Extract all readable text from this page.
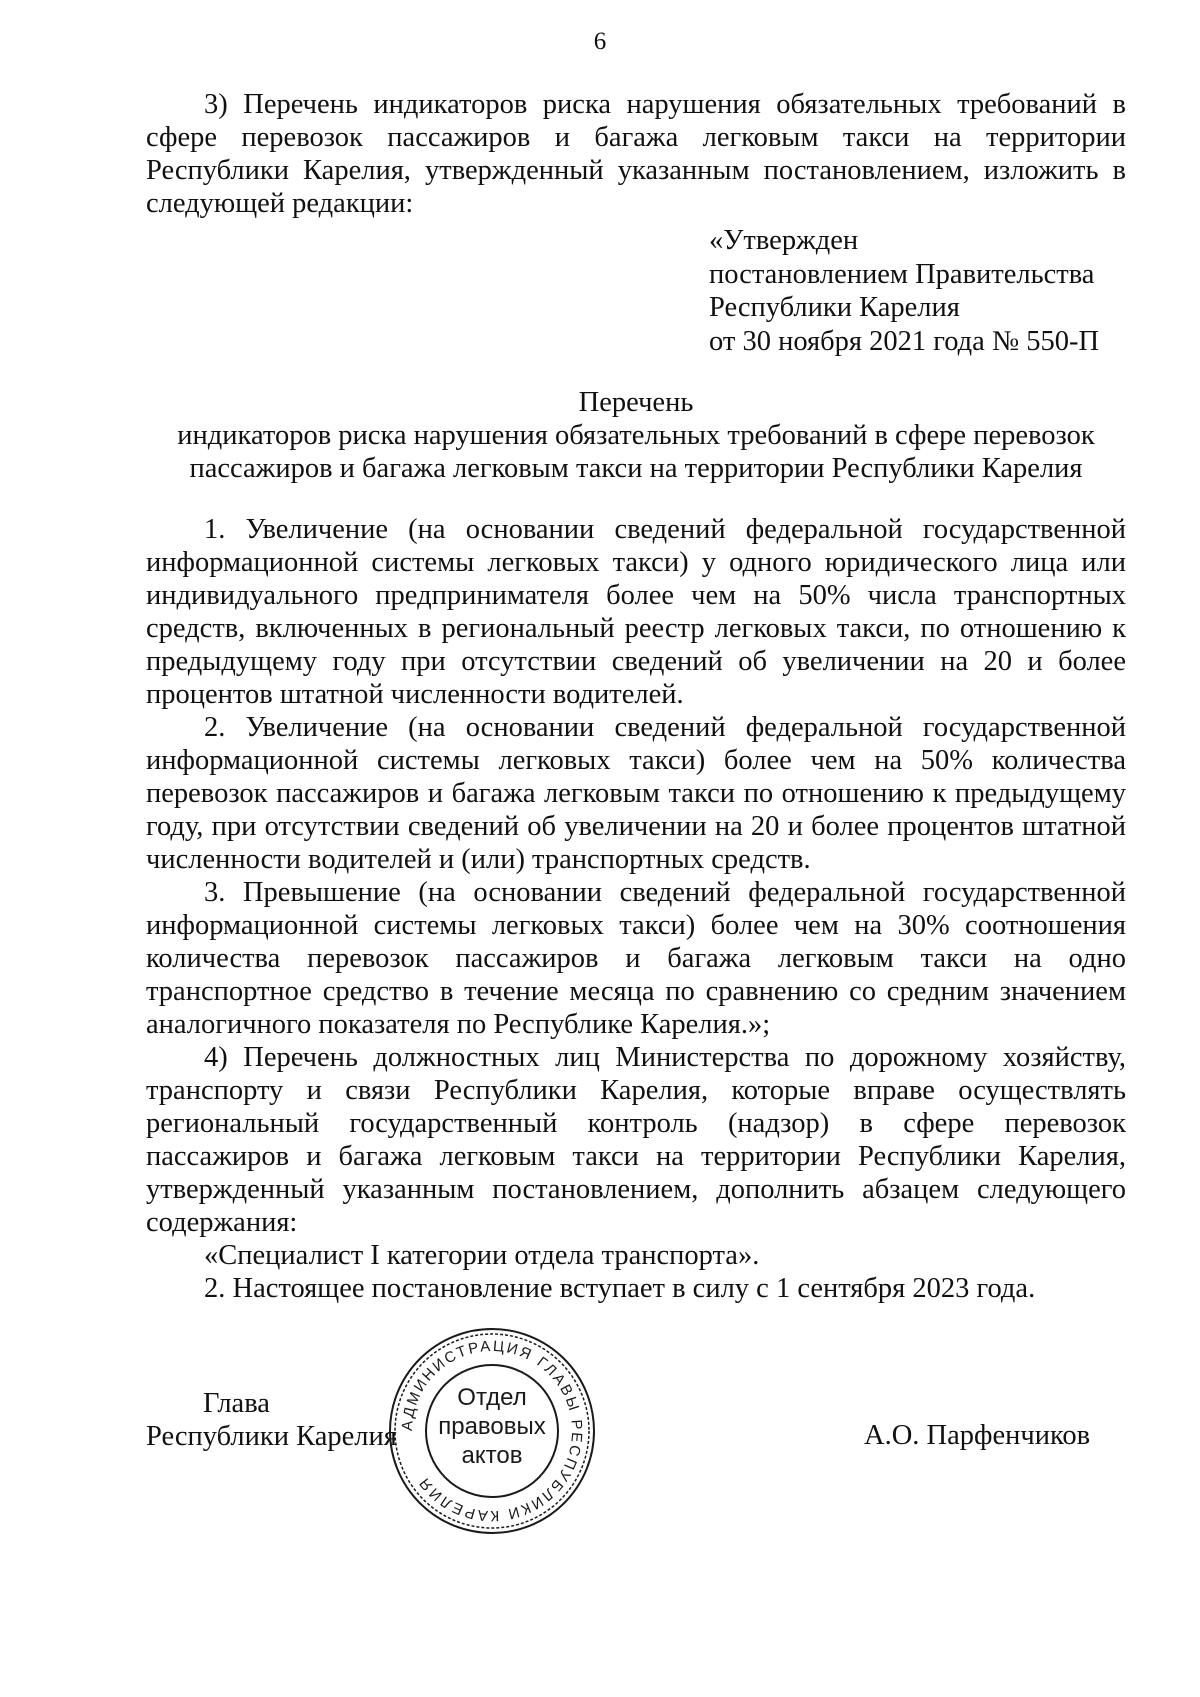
6

3) Перечень индикаторов риска нарушения обязательных требований в сфере перевозок пассажиров и багажа легковым такси на территории Республики Карелия, утвержденный указанным постановлением, изложить в следующей редакции:

«Утвержден
постановлением Правительства
Республики Карелия
от 30 ноября 2021 года № 550-П
Перечень
индикаторов риска нарушения обязательных требований в сфере перевозок
пассажиров и багажа легковым такси на территории Республики Карелия

1. Увеличение (на основании сведений федеральной государственной информационной системы легковых такси) у одного юридического лица или индивидуального предпринимателя более чем на 50% числа транспортных средств, включенных в региональный реестр легковых такси, по отношению к предыдущему году при отсутствии сведений об увеличении на 20 и более процентов штатной численности водителей.

2. Увеличение (на основании сведений федеральной государственной информационной системы легковых такси) более чем на 50% количества перевозок пассажиров и багажа легковым такси по отношению к предыдущему году, при отсутствии сведений об увеличении на 20 и более процентов штатной численности водителей и (или) транспортных средств.

3. Превышение (на основании сведений федеральной государственной информационной системы легковых такси) более чем на 30% соотношения количества перевозок пассажиров и багажа легковым такси на одно транспортное средство в течение месяца по сравнению со средним значением аналогичного показателя по Республике Карелия.»;

4) Перечень должностных лиц Министерства по дорожному хозяйству, транспорту и связи Республики Карелия, которые вправе осуществлять региональный государственный контроль (надзор) в сфере перевозок пассажиров и багажа легковым такси на территории Республики Карелия, утвержденный указанным постановлением, дополнить абзацем следующего содержания:

«Специалист I категории отдела транспорта».

2. Настоящее постановление вступает в силу с 1 сентября 2023 года.

Глава
Республики Карелия	А.О. Парфенчиков
АДМИНИСТРАЦИЯ ГЛАВЫ РЕСПУБЛИКИ КАРЕЛИЯ
Отдел
правовых
актов
